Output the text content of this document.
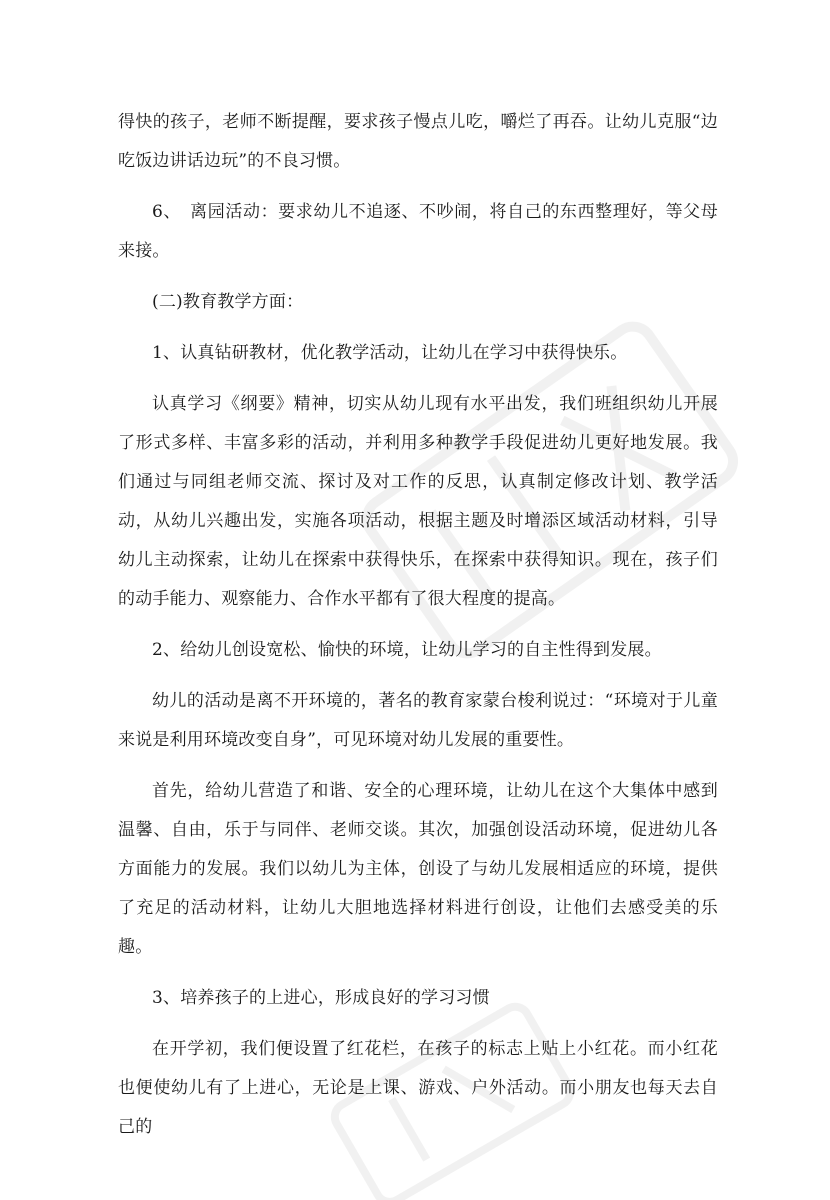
得快的孩子，老师不断提醒，要求孩子慢点儿吃，嚼烂了再吞。让幼儿克服“边吃饭边讲话边玩”的不良习惯。

6、　离园活动：要求幼儿不追逐、不吵闹，将自己的东西整理好，等父母来接。

(二)教育教学方面：

1、认真钻研教材，优化教学活动，让幼儿在学习中获得快乐。

认真学习《纲要》精神，切实从幼儿现有水平出发，我们班组织幼儿开展了形式多样、丰富多彩的活动，并利用多种教学手段促进幼儿更好地发展。我们通过与同组老师交流、探讨及对工作的反思，认真制定修改计划、教学活动，从幼儿兴趣出发，实施各项活动，根据主题及时增添区域活动材料，引导幼儿主动探索，让幼儿在探索中获得快乐，在探索中获得知识。现在，孩子们的动手能力、观察能力、合作水平都有了很大程度的提高。

2、给幼儿创设宽松、愉快的环境，让幼儿学习的自主性得到发展。

幼儿的活动是离不开环境的，著名的教育家蒙台梭利说过：“环境对于儿童来说是利用环境改变自身”，可见环境对幼儿发展的重要性。

首先，给幼儿营造了和谐、安全的心理环境，让幼儿在这个大集体中感到温馨、自由，乐于与同伴、老师交谈。其次，加强创设活动环境，促进幼儿各方面能力的发展。我们以幼儿为主体，创设了与幼儿发展相适应的环境，提供了充足的活动材料，让幼儿大胆地选择材料进行创设，让他们去感受美的乐趣。

3、培养孩子的上进心，形成良好的学习习惯

在开学初，我们便设置了红花栏，在孩子的标志上贴上小红花。而小红花也便使幼儿有了上进心，无论是上课、游戏、户外活动。而小朋友也每天去自己的
